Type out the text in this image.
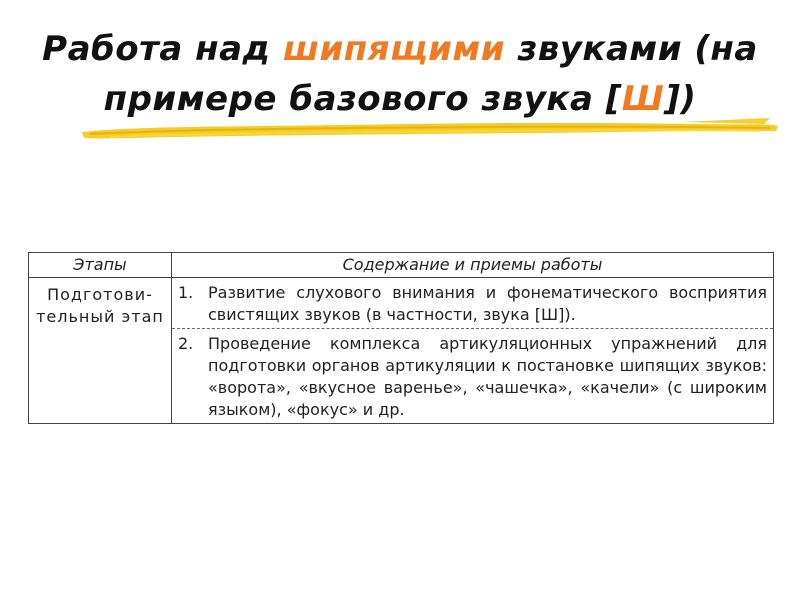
Работа над шипящими звуками (на
примере базового звука [Ш])
Этапы	Содержание и приемы работы
Подготови-тельный этап	1. Развитие слухового внимания и фонематического восприятия свистящих звуков (в частности, звука [Ш]).
2. Проведение комплекса артикуляционных упражнений для подготовки органов артикуляции к постановке шипящих звуков: «ворота», «вкусное варенье», «чашечка», «качели» (с широким языком), «фокус» и др.
